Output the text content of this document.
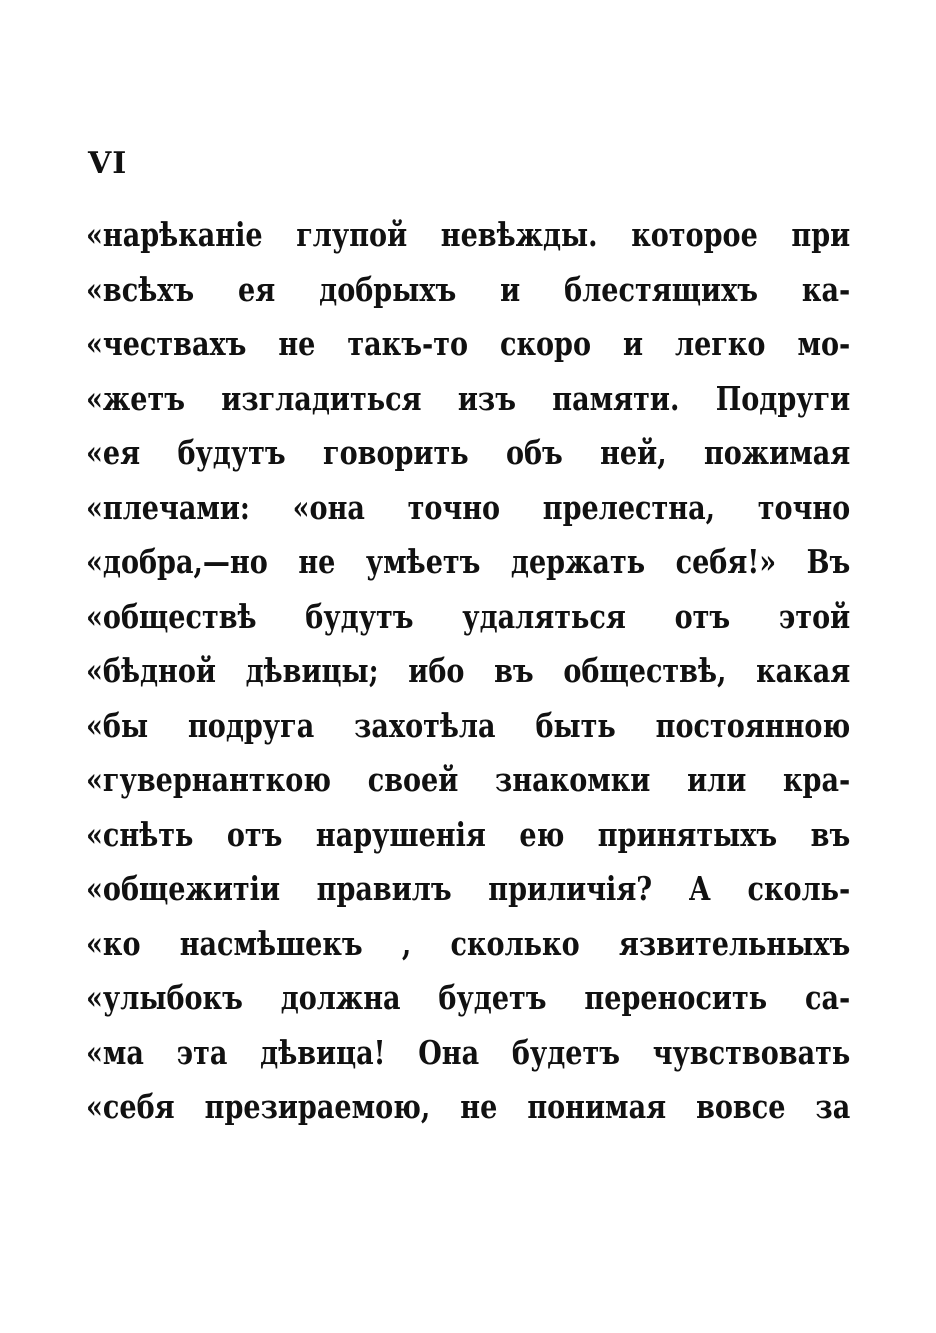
VI
«нарѣканіе глупой невѣжды. которое при
«всѣхъ ея добрыхъ и блестящихъ ка-
«чествахъ не такъ-то скоро и легко мо-
«жетъ изгладиться изъ памяти. Подруги
«ея будутъ говорить объ ней, пожимая
«плечами: «она точно прелестна, точно
«добра,—но не умѣетъ держать себя!» Въ
«обществѣ будутъ удаляться отъ этой
«бѣдной дѣвицы; ибо въ обществѣ, какая
«бы подруга захотѣла быть постоянною
«гувернанткою своей знакомки или кра-
«снѣть отъ нарушенія ею принятыхъ въ
«общежитіи правилъ приличія? А сколь-
«ко насмѣшекъ , сколько язвительныхъ
«улыбокъ должна будетъ переносить са-
«ма эта дѣвица! Она будетъ чувствовать
«себя презираемою, не понимая вовсе за
